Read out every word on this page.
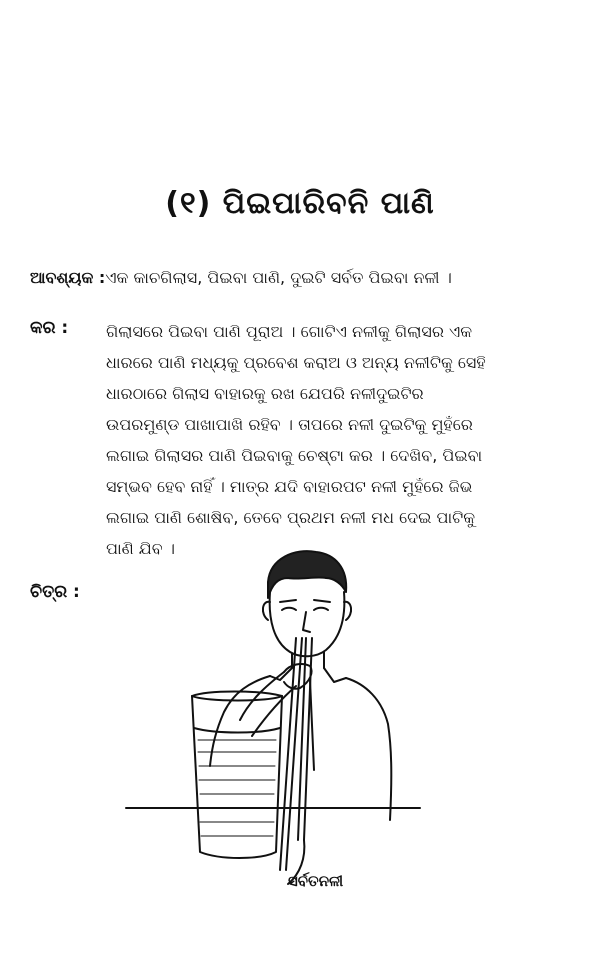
(୧) ପିଇପାରିବନି ପାଣି
ଆବଶ୍ୟକ :ଏକ କାଚଗିଲାସ, ପିଇବା ପାଣି, ଦୁଇଟି ସର୍ବତ ପିଇବା ନଳୀ ।
କର : ଗିଲାସରେ ପିଇବା ପାଣି ପୂରାଅ । ଗୋଟିଏ ନଳୀକୁ ଗିଲାସର ଏକ
ଧାରରେ ପାଣି ମଧ୍ୟକୁ ପ୍ରବେଶ କରାଅ ଓ ଅନ୍ୟ ନଳୀଟିକୁ ସେହି
ଧାରଠାରେ ଗିଲାସ ବାହାରକୁ ରଖ ଯେପରି ନଳୀଦୁଇଟିର
ଉପରମୁଣ୍ଡ ପାଖାପାଖି ରହିବ । ତାପରେ ନଳୀ ଦୁଇଟିକୁ ମୁହଁରେ
ଲଗାଇ ଗିଲାସର ପାଣି ପିଇବାକୁ ଚେଷ୍ଟା କର । ଦେଖିବ, ପିଇବା
ସମ୍ଭବ ହେବ ନାହିଁ । ମାତ୍ର ଯଦି ବାହାରପଟ ନଳୀ ମୁହଁରେ ଜିଭ
ଲଗାଇ ପାଣି ଶୋଷିବ, ତେବେ ପ୍ରଥମ ନଳୀ ମଧ ଦେଇ ପାଟିକୁ
ପାଣି ଯିବ ।
ଚିତ୍ର :
ସର୍ବତନଳୀ
